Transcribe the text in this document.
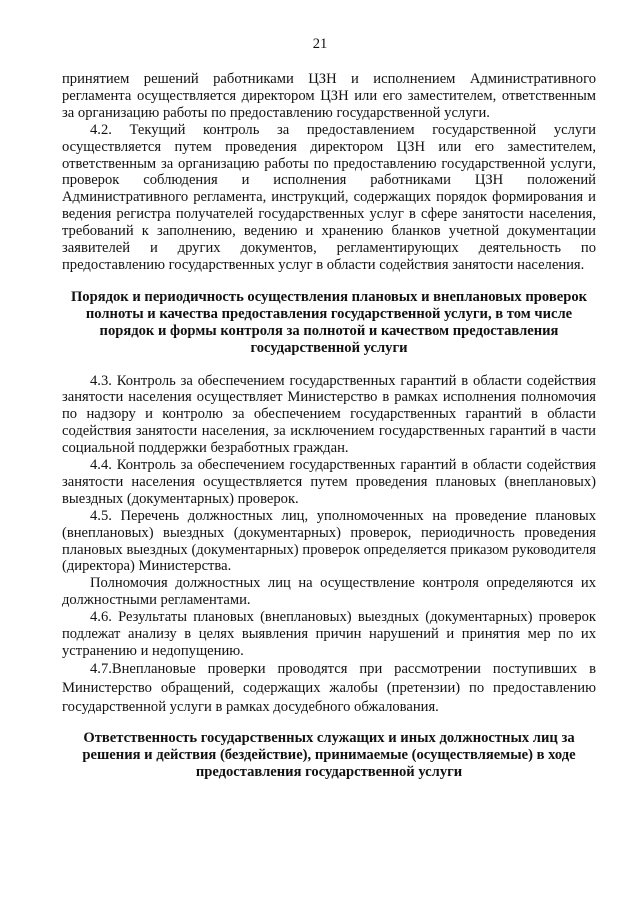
21

принятием решений работниками ЦЗН и исполнением Административного регламента осуществляется директором ЦЗН или его заместителем, ответственным за организацию работы по предоставлению государственной услуги.

4.2. Текущий контроль за предоставлением государственной услуги осуществляется путем проведения директором ЦЗН или его заместителем, ответственным за организацию работы по предоставлению государственной услуги, проверок соблюдения и исполнения работниками ЦЗН положений Административного регламента, инструкций, содержащих порядок формирования и ведения регистра получателей государственных услуг в сфере занятости населения, требований к заполнению, ведению и хранению бланков учетной документации заявителей и других документов, регламентирующих деятельность по предоставлению государственных услуг в области содействия занятости населения.

Порядок и периодичность осуществления плановых и внеплановых проверок полноты и качества предоставления государственной услуги, в том числе порядок и формы контроля за полнотой и качеством предоставления государственной услуги

4.3. Контроль за обеспечением государственных гарантий в области содействия занятости населения осуществляет Министерство в рамках исполнения полномочия по надзору и контролю за обеспечением государственных гарантий в области содействия занятости населения, за исключением государственных гарантий в части социальной поддержки безработных граждан.

4.4. Контроль за обеспечением государственных гарантий в области содействия занятости населения осуществляется путем проведения плановых (внеплановых) выездных (документарных) проверок.

4.5. Перечень должностных лиц, уполномоченных на проведение плановых (внеплановых) выездных (документарных) проверок, периодичность проведения плановых выездных (документарных) проверок определяется приказом руководителя (директора) Министерства.

Полномочия должностных лиц на осуществление контроля определяются их должностными регламентами.

4.6. Результаты плановых (внеплановых) выездных (документарных) проверок подлежат анализу в целях выявления причин нарушений и принятия мер по их устранению и недопущению.

4.7.Внеплановые проверки проводятся при рассмотрении поступивших в Министерство обращений, содержащих жалобы (претензии) по предоставлению государственной услуги в рамках досудебного обжалования.

Ответственность государственных служащих и иных должностных лиц за решения и действия (бездействие), принимаемые (осуществляемые) в ходе предоставления государственной услуги
